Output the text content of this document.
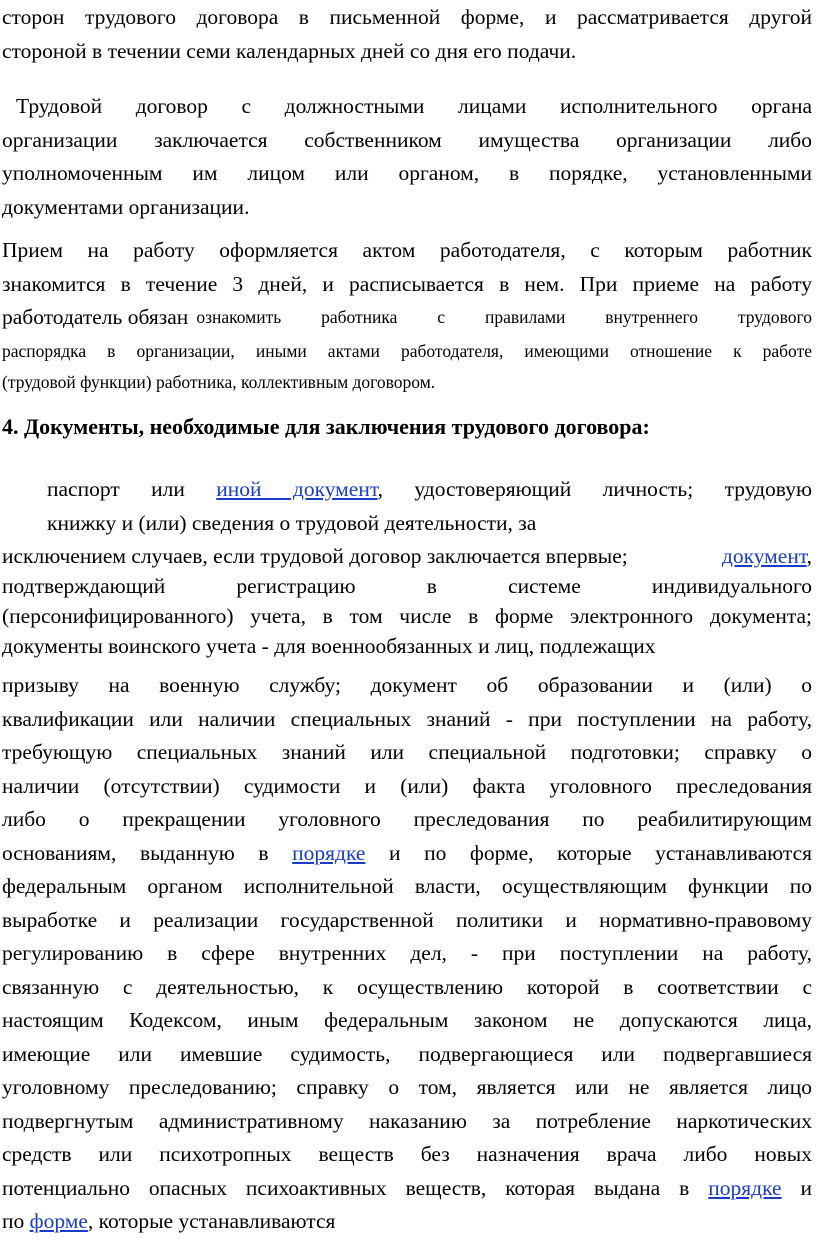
сторон трудового договора в письменной форме, и рассматривается другой
стороной в течении семи календарных дней со дня его подачи.
Трудовой договор с должностными лицами исполнительного органа
организации заключается собственником имущества организации либо
уполномоченным им лицом или органом, в порядке, установленными
документами организации.
Прием на работу оформляется актом работодателя, с которым работник
знакомится в течение 3 дней, и расписывается в нем. При приеме на работу
работодатель обязан ознакомить работника с правилами внутреннего трудового
распорядка в организации, иными актами работодателя, имеющими отношение к работе
(трудовой функции) работника, коллективным договором.
4. Документы, необходимые для заключения трудового договора:
паспорт или иной документ, удостоверяющий личность; трудовую
книжку и (или) сведения о трудовой деятельности, за
исключением случаев, если трудовой договор заключается впервые;	документ,
подтверждающий регистрацию в системе индивидуального
(персонифицированного) учета, в том числе в форме электронного документа;
документы воинского учета - для военнообязанных и лиц, подлежащих
призыву на военную службу; документ об образовании и (или) о
квалификации или наличии специальных знаний - при поступлении на работу,
требующую специальных знаний или специальной подготовки; справку о
наличии (отсутствии) судимости и (или) факта уголовного преследования
либо о прекращении уголовного преследования по реабилитирующим
основаниям, выданную в порядке и по форме, которые устанавливаются
федеральным органом исполнительной власти, осуществляющим функции по
выработке и реализации государственной политики и нормативно-правовому
регулированию в сфере внутренних дел, - при поступлении на работу,
связанную с деятельностью, к осуществлению которой в соответствии с
настоящим Кодексом, иным федеральным законом не допускаются лица,
имеющие или имевшие судимость, подвергающиеся или подвергавшиеся
уголовному преследованию; справку о том, является или не является лицо
подвергнутым административному наказанию за потребление наркотических
средств или психотропных веществ без назначения врача либо новых
потенциально опасных психоактивных веществ, которая выдана в порядке и
по форме, которые устанавливаются
